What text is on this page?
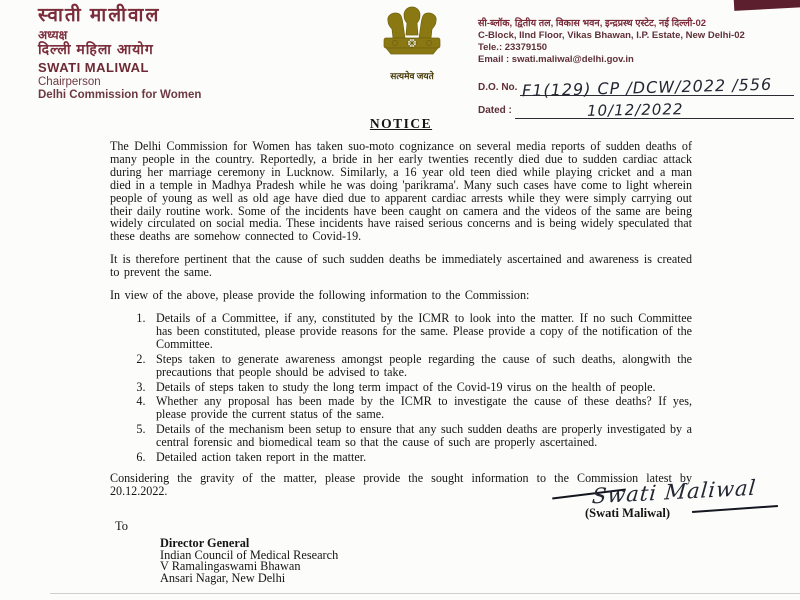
स्वाती मालीवाल
अध्यक्ष
दिल्ली महिला आयोग
SWATI MALIWAL
Chairperson
Delhi Commission for Women
सत्यमेव जयते
सी-ब्लॉक, द्वितीय तल, विकास भवन, इन्द्रप्रस्थ एस्टेट, नई दिल्ली-02
C-Block, IInd Floor, Vikas Bhawan, I.P. Estate, New Delhi-02
Tele.: 23379150
Email : swati.maliwal@delhi.gov.in
D.O. No. F1(129) CP /DCW/2022 /556
Dated :	10/12/2022
NOTICE

The Delhi Commission for Women has taken suo-moto cognizance on several media reports of sudden deaths of many people in the country. Reportedly, a bride in her early twenties recently died due to sudden cardiac attack during her marriage ceremony in Lucknow. Similarly, a 16 year old teen died while playing cricket and a man died in a temple in Madhya Pradesh while he was doing 'parikrama'. Many such cases have come to light wherein people of young as well as old age have died due to apparent cardiac arrests while they were simply carrying out their daily routine work. Some of the incidents have been caught on camera and the videos of the same are being widely circulated on social media. These incidents have raised serious concerns and is being widely speculated that these deaths are somehow connected to Covid-19.

It is therefore pertinent that the cause of such sudden deaths be immediately ascertained and awareness is created to prevent the same.

In view of the above, please provide the following information to the Commission:

1. Details of a Committee, if any, constituted by the ICMR to look into the matter. If no such Committee has been constituted, please provide reasons for the same. Please provide a copy of the notification of the Committee.
2. Steps taken to generate awareness amongst people regarding the cause of such deaths, alongwith the precautions that people should be advised to take.
3. Details of steps taken to study the long term impact of the Covid-19 virus on the health of people.
4. Whether any proposal has been made by the ICMR to investigate the cause of these deaths? If yes, please provide the current status of the same.
5. Details of the mechanism been setup to ensure that any such sudden deaths are properly investigated by a central forensic and biomedical team so that the cause of such are properly ascertained.
6. Detailed action taken report in the matter.

Considering the gravity of the matter, please provide the sought information to the Commission latest by 20.12.2022.	Swati Maliwal
(Swati Maliwal)
To
Director General
Indian Council of Medical Research
V Ramalingaswami Bhawan
Ansari Nagar, New Delhi
